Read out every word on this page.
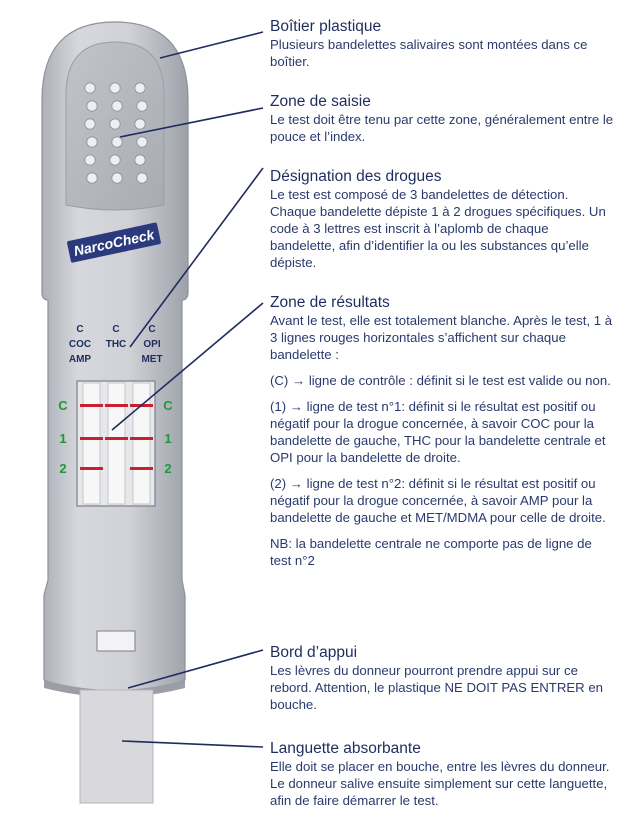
NarcoCheck
C
COC
AMP
C
THC
C
OPI
MET
C
1
2
C
1
2
Boîtier plastique

Plusieurs bandelettes salivaires sont montées dans ce boîtier.

Zone de saisie

Le test doit être tenu par cette zone, généralement entre le pouce et l’index.

Désignation des drogues

Le test est composé de 3 bandelettes de détection. Chaque bandelette dépiste 1 à 2 drogues spécifiques. Un code à 3 lettres est inscrit à l’aplomb de chaque bandelette, afin d’identifier la ou les substances qu’elle dépiste.

Zone de résultats

Avant le test, elle est totalement blanche. Après le test, 1 à 3 lignes rouges horizontales s’affichent sur chaque bandelette :

(C) → ligne de contrôle : définit si le test est valide ou non.

(1) → ligne de test n°1: définit si le résultat est positif ou négatif pour la drogue concernée, à savoir COC pour la bandelette de gauche, THC pour la bandelette centrale et OPI pour la bandelette de droite.

(2) → ligne de test n°2: définit si le résultat est positif ou négatif pour la drogue concernée, à savoir AMP pour la bandelette de gauche et MET/MDMA pour celle de droite.

NB: la bandelette centrale ne comporte pas de ligne de test n°2

Bord d’appui

Les lèvres du donneur pourront prendre appui sur ce rebord. Attention, le plastique NE DOIT PAS ENTRER en bouche.

Languette absorbante

Elle doit se placer en bouche, entre les lèvres du donneur. Le donneur salive ensuite simplement sur cette languette, afin de faire démarrer le test.
